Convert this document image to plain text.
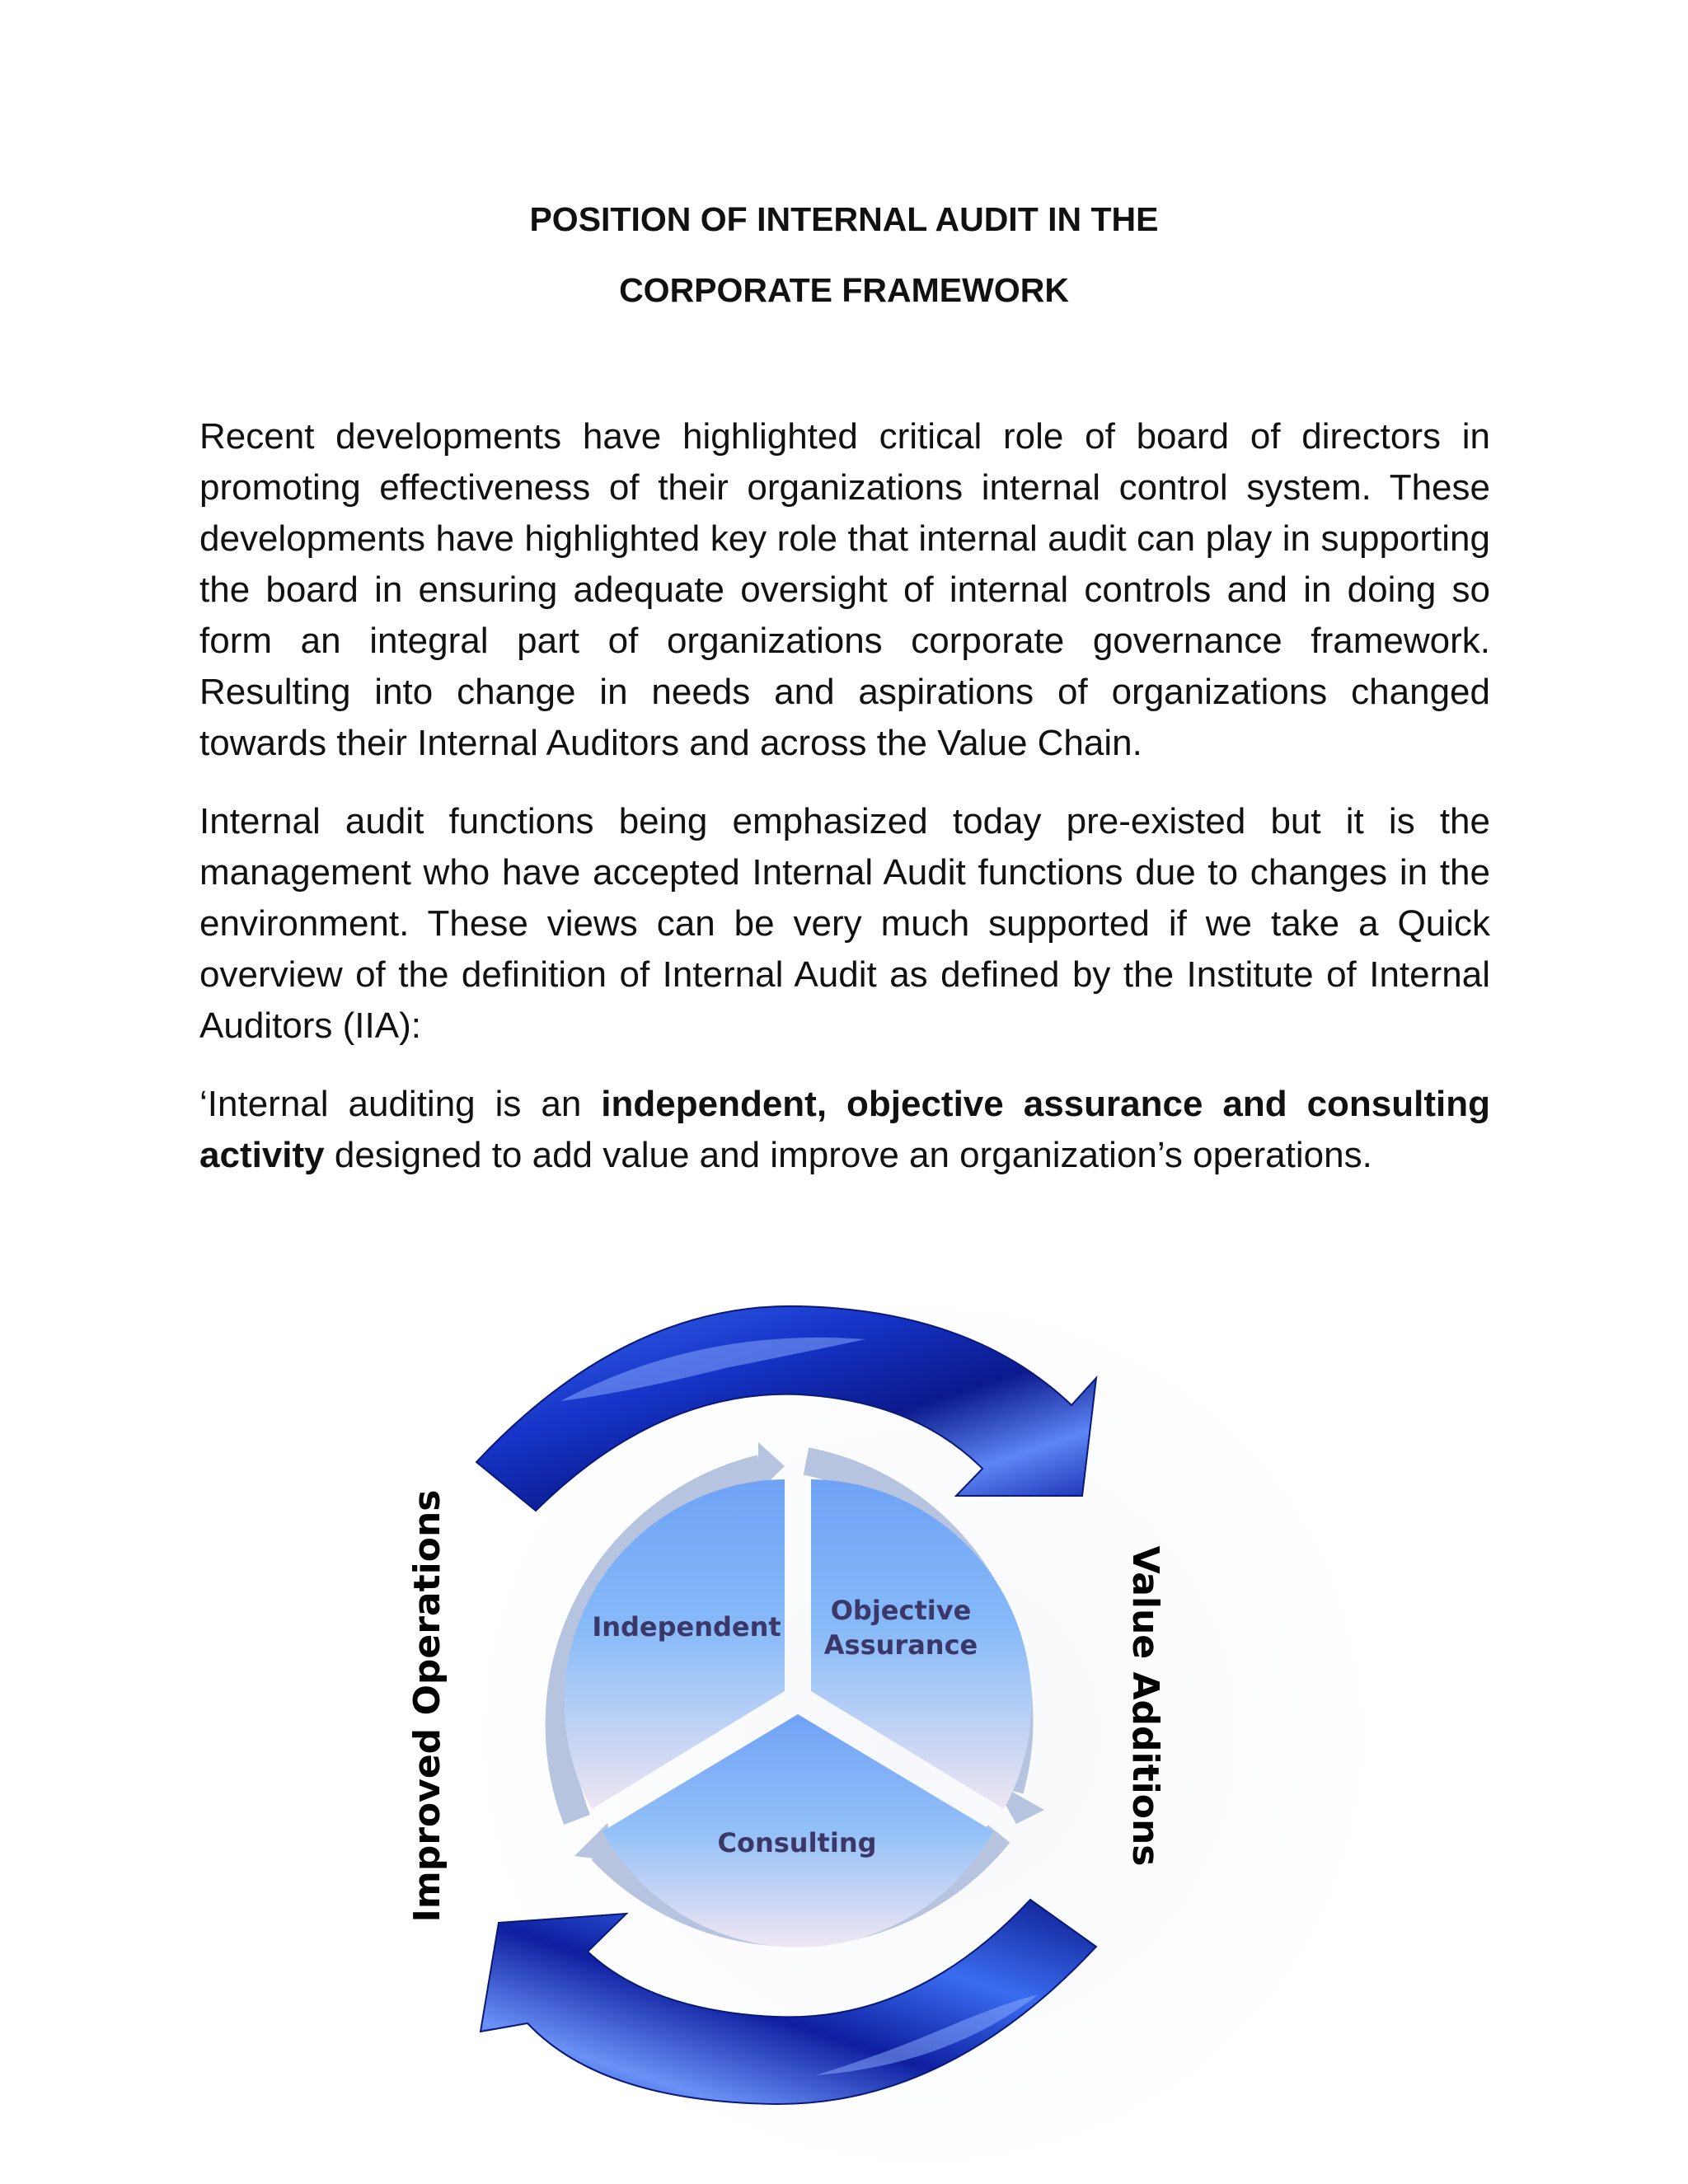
POSITION OF INTERNAL AUDIT IN THE
CORPORATE FRAMEWORK

Recent developments have highlighted critical role of board of directors in promoting effectiveness of their organizations internal control system. These developments have highlighted key role that internal audit can play in supporting the board in ensuring adequate oversight of internal controls and in doing so form an integral part of organizations corporate governance framework. Resulting into change in needs and aspirations of organizations changed towards their Internal Auditors and across the Value Chain.

Internal audit functions being emphasized today pre-existed but it is the management who have accepted Internal Audit functions due to changes in the environment. These views can be very much supported if we take a Quick overview of the definition of Internal Audit as defined by the Institute of Internal Auditors (IIA):

‘Internal auditing is an independent, objective assurance and consulting activity designed to add value and improve an organization’s operations.

Independent
Objective
Assurance
Consulting
Improved Operations	Value Additions
